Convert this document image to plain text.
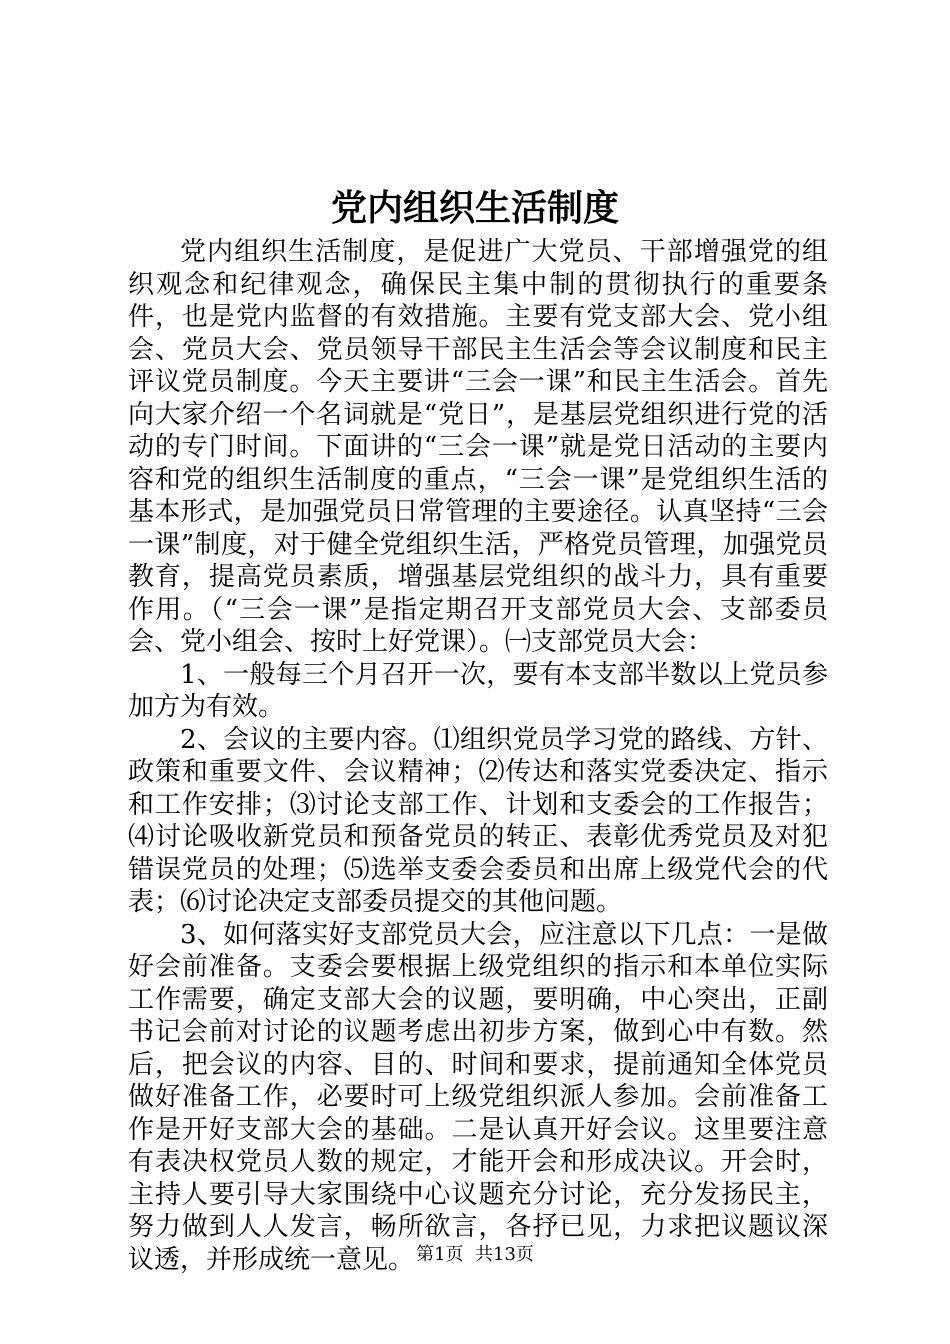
党内组织生活制度

党内组织生活制度，是促进广大党员、干部增强党的组织观念和纪律观念，确保民主集中制的贯彻执行的重要条件，也是党内监督的有效措施。主要有党支部大会、党小组会、党员大会、党员领导干部民主生活会等会议制度和民主评议党员制度。今天主要讲“三会一课”和民主生活会。首先向大家介绍一个名词就是“党日”，是基层党组织进行党的活动的专门时间。下面讲的“三会一课”就是党日活动的主要内容和党的组织生活制度的重点，“三会一课”是党组织生活的基本形式，是加强党员日常管理的主要途径。认真坚持“三会一课”制度，对于健全党组织生活，严格党员管理，加强党员教育，提高党员素质，增强基层党组织的战斗力，具有重要作用。（“三会一课”是指定期召开支部党员大会、支部委员会、党小组会、按时上好党课）。㈠支部党员大会：

1、一般每三个月召开一次，要有本支部半数以上党员参加方为有效。

2、会议的主要内容。⑴组织党员学习党的路线、方针、政策和重要文件、会议精神；⑵传达和落实党委决定、指示和工作安排；⑶讨论支部工作、计划和支委会的工作报告；⑷讨论吸收新党员和预备党员的转正、表彰优秀党员及对犯错误党员的处理；⑸选举支委会委员和出席上级党代会的代表；⑹讨论决定支部委员提交的其他问题。

3、如何落实好支部党员大会，应注意以下几点：一是做好会前准备。支委会要根据上级党组织的指示和本单位实际工作需要，确定支部大会的议题，要明确，中心突出，正副书记会前对讨论的议题考虑出初步方案，做到心中有数。然后，把会议的内容、目的、时间和要求，提前通知全体党员做好准备工作，必要时可上级党组织派人参加。会前准备工作是开好支部大会的基础。二是认真开好会议。这里要注意有表决权党员人数的规定，才能开会和形成决议。开会时，主持人要引导大家围绕中心议题充分讨论，充分发扬民主，努力做到人人发言，畅所欲言，各抒已见，力求把议题议深议透，并形成统一意见。 第1页  共13页
